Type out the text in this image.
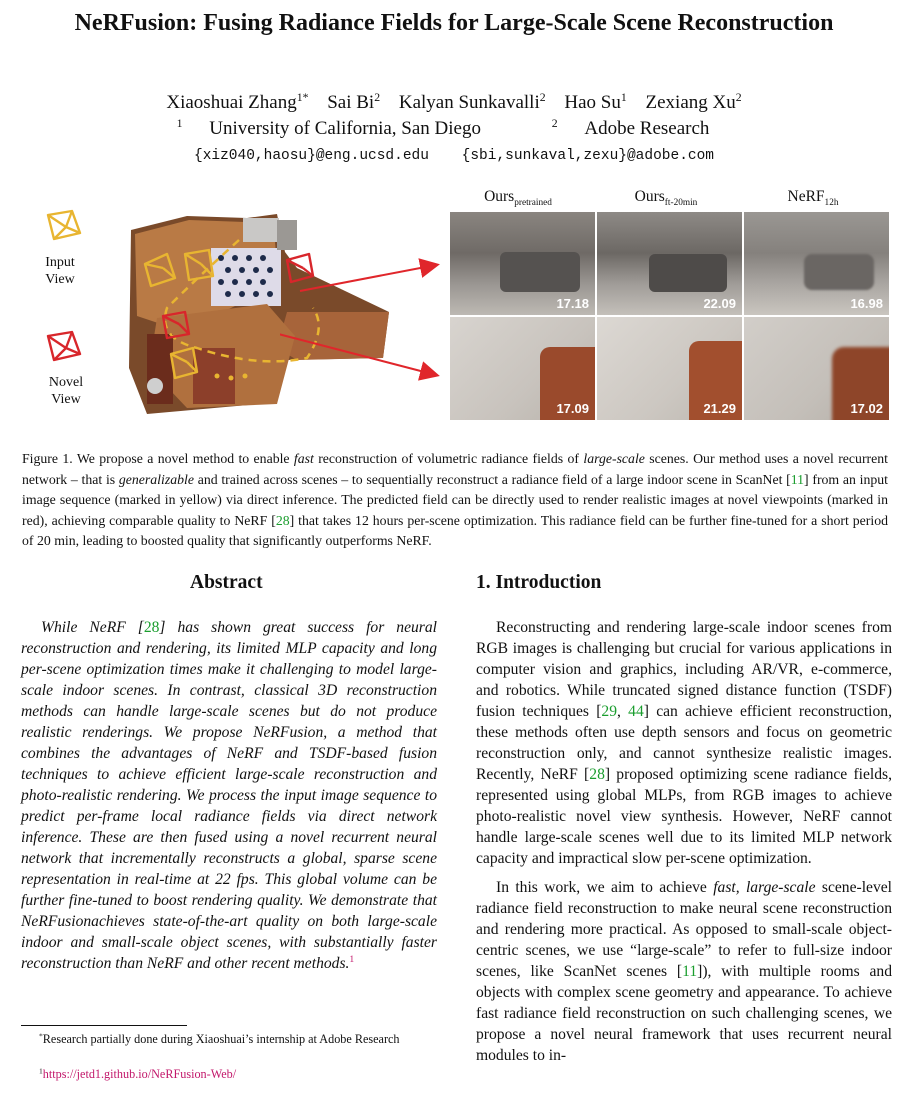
NeRFusion: Fusing Radiance Fields for Large-Scale Scene Reconstruction
Xiaoshuai Zhang$^{1*}$ Sai Bi$^2$ Kalyan Sunkavalli$^2$ Hao Su$^1$ Zexiang Xu$^2$
$^1$ University of California, San Diego	$^2$ Adobe Research
{xiz040,haosu}@eng.ucsd.edu {sbi,sunkaval,zexu}@adobe.com
Input
View
Novel
View
Ours$_{pretrained}$	Ours$_{ft-20min}$	NeRF$_{12h}$
17.18	22.09	16.98
17.09	21.29	17.02
Figure 1. We propose a novel method to enable fast reconstruction of volumetric radiance fields of large-scale scenes. Our method uses a novel recurrent network – that is generalizable and trained across scenes – to sequentially reconstruct a radiance field of a large indoor scene in ScanNet [11] from an input image sequence (marked in yellow) via direct inference. The predicted field can be directly used to render realistic images at novel viewpoints (marked in red), achieving comparable quality to NeRF [28] that takes 12 hours per-scene optimization. This radiance field can be further fine-tuned for a short period of 20 min, leading to boosted quality that significantly outperforms NeRF.
Abstract
While NeRF [28] has shown great success for neural reconstruction and rendering, its limited MLP capacity and long per-scene optimization times make it challenging to model large-scale indoor scenes. In contrast, classical 3D reconstruction methods can handle large-scale scenes but do not produce realistic renderings. We propose NeRFusion, a method that combines the advantages of NeRF and TSDF-based fusion techniques to achieve efficient large-scale reconstruction and photo-realistic rendering. We process the input image sequence to predict per-frame local radiance fields via direct network inference. These are then fused using a novel recurrent neural network that incrementally reconstructs a global, sparse scene representation in real-time at 22 fps. This global volume can be further fine-tuned to boost rendering quality. We demonstrate that NeRFusionachieves state-of-the-art quality on both large-scale indoor and small-scale object scenes, with substantially faster reconstruction than NeRF and other recent methods.$^1$
1. Introduction

Reconstructing and rendering large-scale indoor scenes from RGB images is challenging but crucial for various applications in computer vision and graphics, including AR/VR, e-commerce, and robotics. While truncated signed distance function (TSDF) fusion techniques [29, 44] can achieve efficient reconstruction, these methods often use depth sensors and focus on geometric reconstruction only, and cannot synthesize realistic images. Recently, NeRF [28] proposed optimizing scene radiance fields, represented using global MLPs, from RGB images to achieve photo-realistic novel view synthesis. However, NeRF cannot handle large-scale scenes well due to its limited MLP network capacity and impractical slow per-scene optimization.

In this work, we aim to achieve fast, large-scale scene-level radiance field reconstruction to make neural scene reconstruction and rendering more practical. As opposed to small-scale object-centric scenes, we use “large-scale” to refer to full-size indoor scenes, like ScanNet scenes [11]), with multiple rooms and objects with complex scene geometry and appearance. To achieve fast radiance field reconstruction on such challenging scenes, we propose a novel neural framework that uses recurrent neural modules to in-

*Research partially done during Xiaoshuai’s internship at Adobe Research
$^1$https://jetd1.github.io/NeRFusion-Web/
